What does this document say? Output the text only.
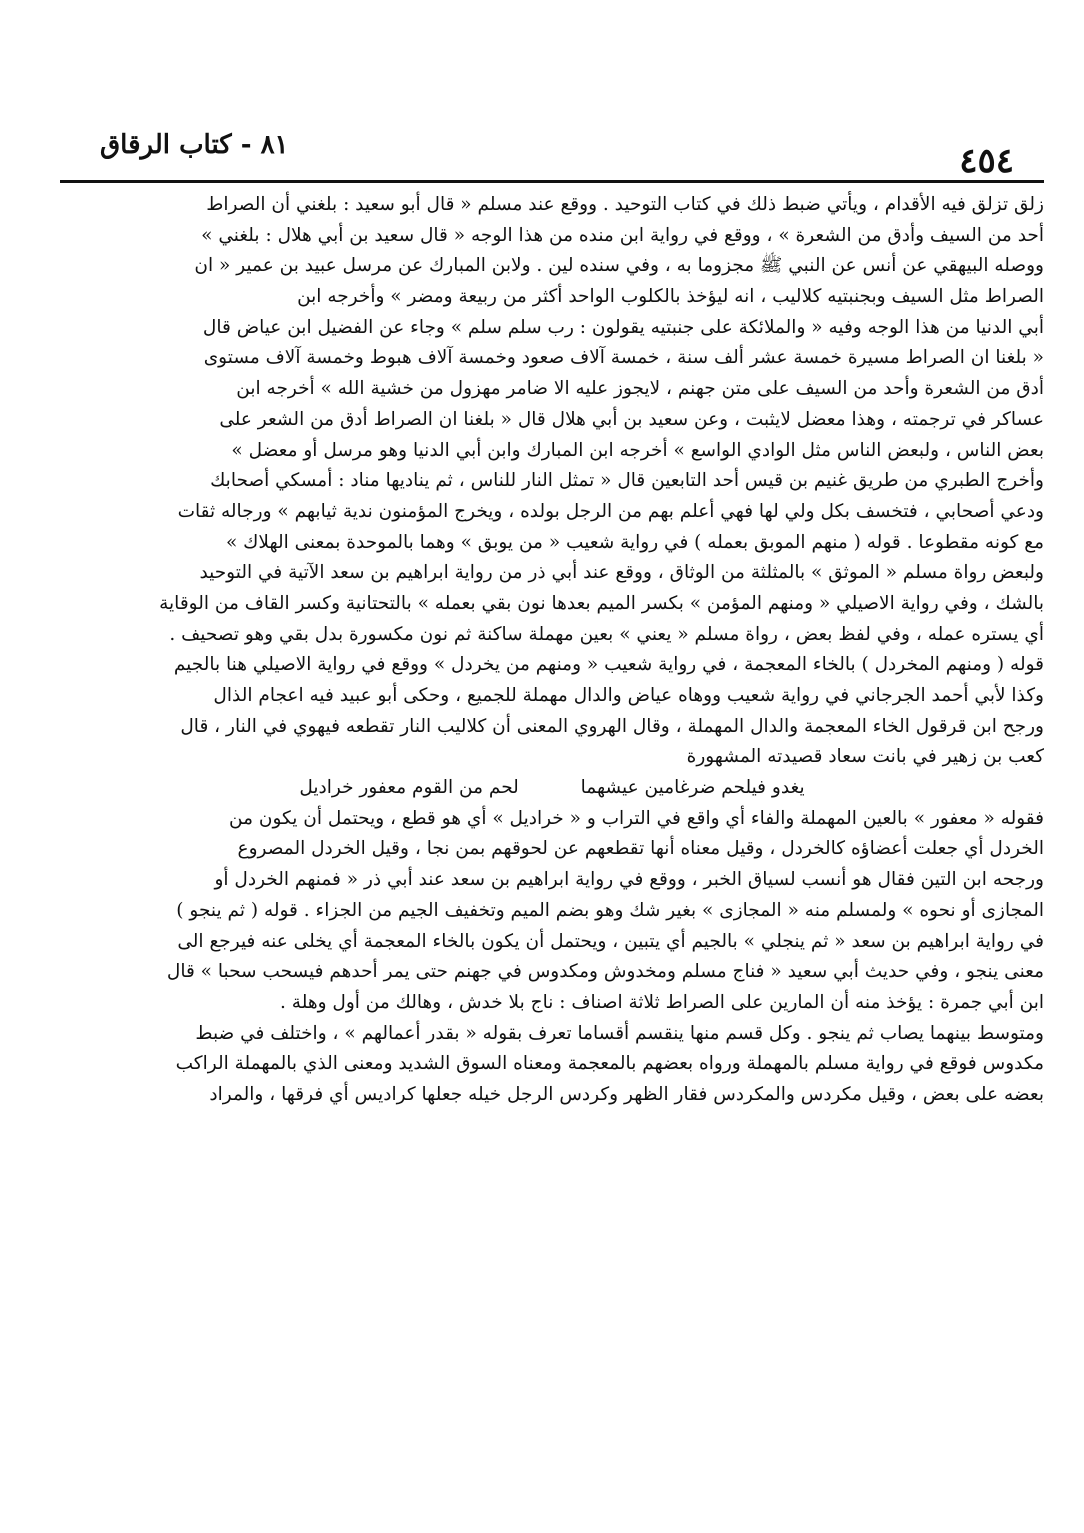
٤٥٤
٨١ - كتاب الرقاق
زلق تزلق فيه الأقدام ، ويأتي ضبط ذلك في كتاب التوحيد . ووقع عند مسلم « قال أبو سعيد : بلغني أن الصراط
أحد من السيف وأدق من الشعرة » ، ووقع في رواية ابن منده من هذا الوجه « قال سعيد بن أبي هلال : بلغني »
ووصله البيهقي عن أنس عن النبي ﷺ مجزوما به ، وفي سنده لين . ولابن المبارك عن مرسل عبيد بن عمير « ان
الصراط مثل السيف وبجنبتيه كلاليب ، انه ليؤخذ بالكلوب الواحد أكثر من ربيعة ومضر » وأخرجه ابن
أبي الدنيا من هذا الوجه وفيه « والملائكة على جنبتيه يقولون : رب سلم سلم » وجاء عن الفضيل ابن عياض قال
« بلغنا ان الصراط مسيرة خمسة عشر ألف سنة ، خمسة آلاف صعود وخمسة آلاف هبوط وخمسة آلاف مستوى
أدق من الشعرة وأحد من السيف على متن جهنم ، لايجوز عليه الا ضامر مهزول من خشية الله » أخرجه ابن
عساكر في ترجمته ، وهذا معضل لايثبت ، وعن سعيد بن أبي هلال قال « بلغنا ان الصراط أدق من الشعر على
بعض الناس ، ولبعض الناس مثل الوادي الواسع » أخرجه ابن المبارك وابن أبي الدنيا وهو مرسل أو معضل »
وأخرج الطبري من طريق غنيم بن قيس أحد التابعين قال « تمثل النار للناس ، ثم يناديها مناد : أمسكي أصحابك
ودعي أصحابي ، فتخسف بكل ولي لها فهي أعلم بهم من الرجل بولده ، ويخرج المؤمنون ندية ثيابهم » ورجاله ثقات
مع كونه مقطوعا . قوله ( منهم الموبق بعمله ) في رواية شعيب « من يوبق » وهما بالموحدة بمعنى الهلاك »
ولبعض رواة مسلم « الموثق » بالمثلثة من الوثاق ، ووقع عند أبي ذر من رواية ابراهيم بن سعد الآتية في التوحيد
بالشك ، وفي رواية الاصيلي « ومنهم المؤمن » بكسر الميم بعدها نون بقي بعمله » بالتحتانية وكسر القاف من الوقاية
أي يستره عمله ، وفي لفظ بعض ، رواة مسلم « يعني » بعين مهملة ساكنة ثم نون مكسورة بدل بقي وهو تصحيف .
قوله ( ومنهم المخردل ) بالخاء المعجمة ، في رواية شعيب « ومنهم من يخردل » ووقع في رواية الاصيلي هنا بالجيم
وكذا لأبي أحمد الجرجاني في رواية شعيب ووهاه عياض والدال مهملة للجميع ، وحكى أبو عبيد فيه اعجام الذال
ورجح ابن قرقول الخاء المعجمة والدال المهملة ، وقال الهروي المعنى أن كلاليب النار تقطعه فيهوي في النار ، قال
كعب بن زهير في بانت سعاد قصيدته المشهورة
يغدو فيلحم ضرغامين عيشهما لحم من القوم معفور خراديل
فقوله « معفور » بالعين المهملة والفاء أي واقع في التراب و « خراديل » أي هو قطع ، ويحتمل أن يكون من
الخردل أي جعلت أعضاؤه كالخردل ، وقيل معناه أنها تقطعهم عن لحوقهم بمن نجا ، وقيل الخردل المصروع
ورجحه ابن التين فقال هو أنسب لسياق الخبر ، ووقع في رواية ابراهيم بن سعد عند أبي ذر « فمنهم الخردل أو
المجازى أو نحوه » ولمسلم منه « المجازى » بغير شك وهو بضم الميم وتخفيف الجيم من الجزاء . قوله ( ثم ينجو )
في رواية ابراهيم بن سعد « ثم ينجلي » بالجيم أي يتبين ، ويحتمل أن يكون بالخاء المعجمة أي يخلى عنه فيرجع الى
معنى ينجو ، وفي حديث أبي سعيد « فناج مسلم ومخدوش ومكدوس في جهنم حتى يمر أحدهم فيسحب سحبا » قال
ابن أبي جمرة : يؤخذ منه أن المارين على الصراط ثلاثة اصناف : ناج بلا خدش ، وهالك من أول وهلة .
ومتوسط بينهما يصاب ثم ينجو . وكل قسم منها ينقسم أقساما تعرف بقوله « بقدر أعمالهم » ، واختلف في ضبط
مكدوس فوقع في رواية مسلم بالمهملة ورواه بعضهم بالمعجمة ومعناه السوق الشديد ومعنى الذي بالمهملة الراكب
بعضه على بعض ، وقيل مكردس والمكردس فقار الظهر وكردس الرجل خيله جعلها كراديس أي فرقها ، والمراد
